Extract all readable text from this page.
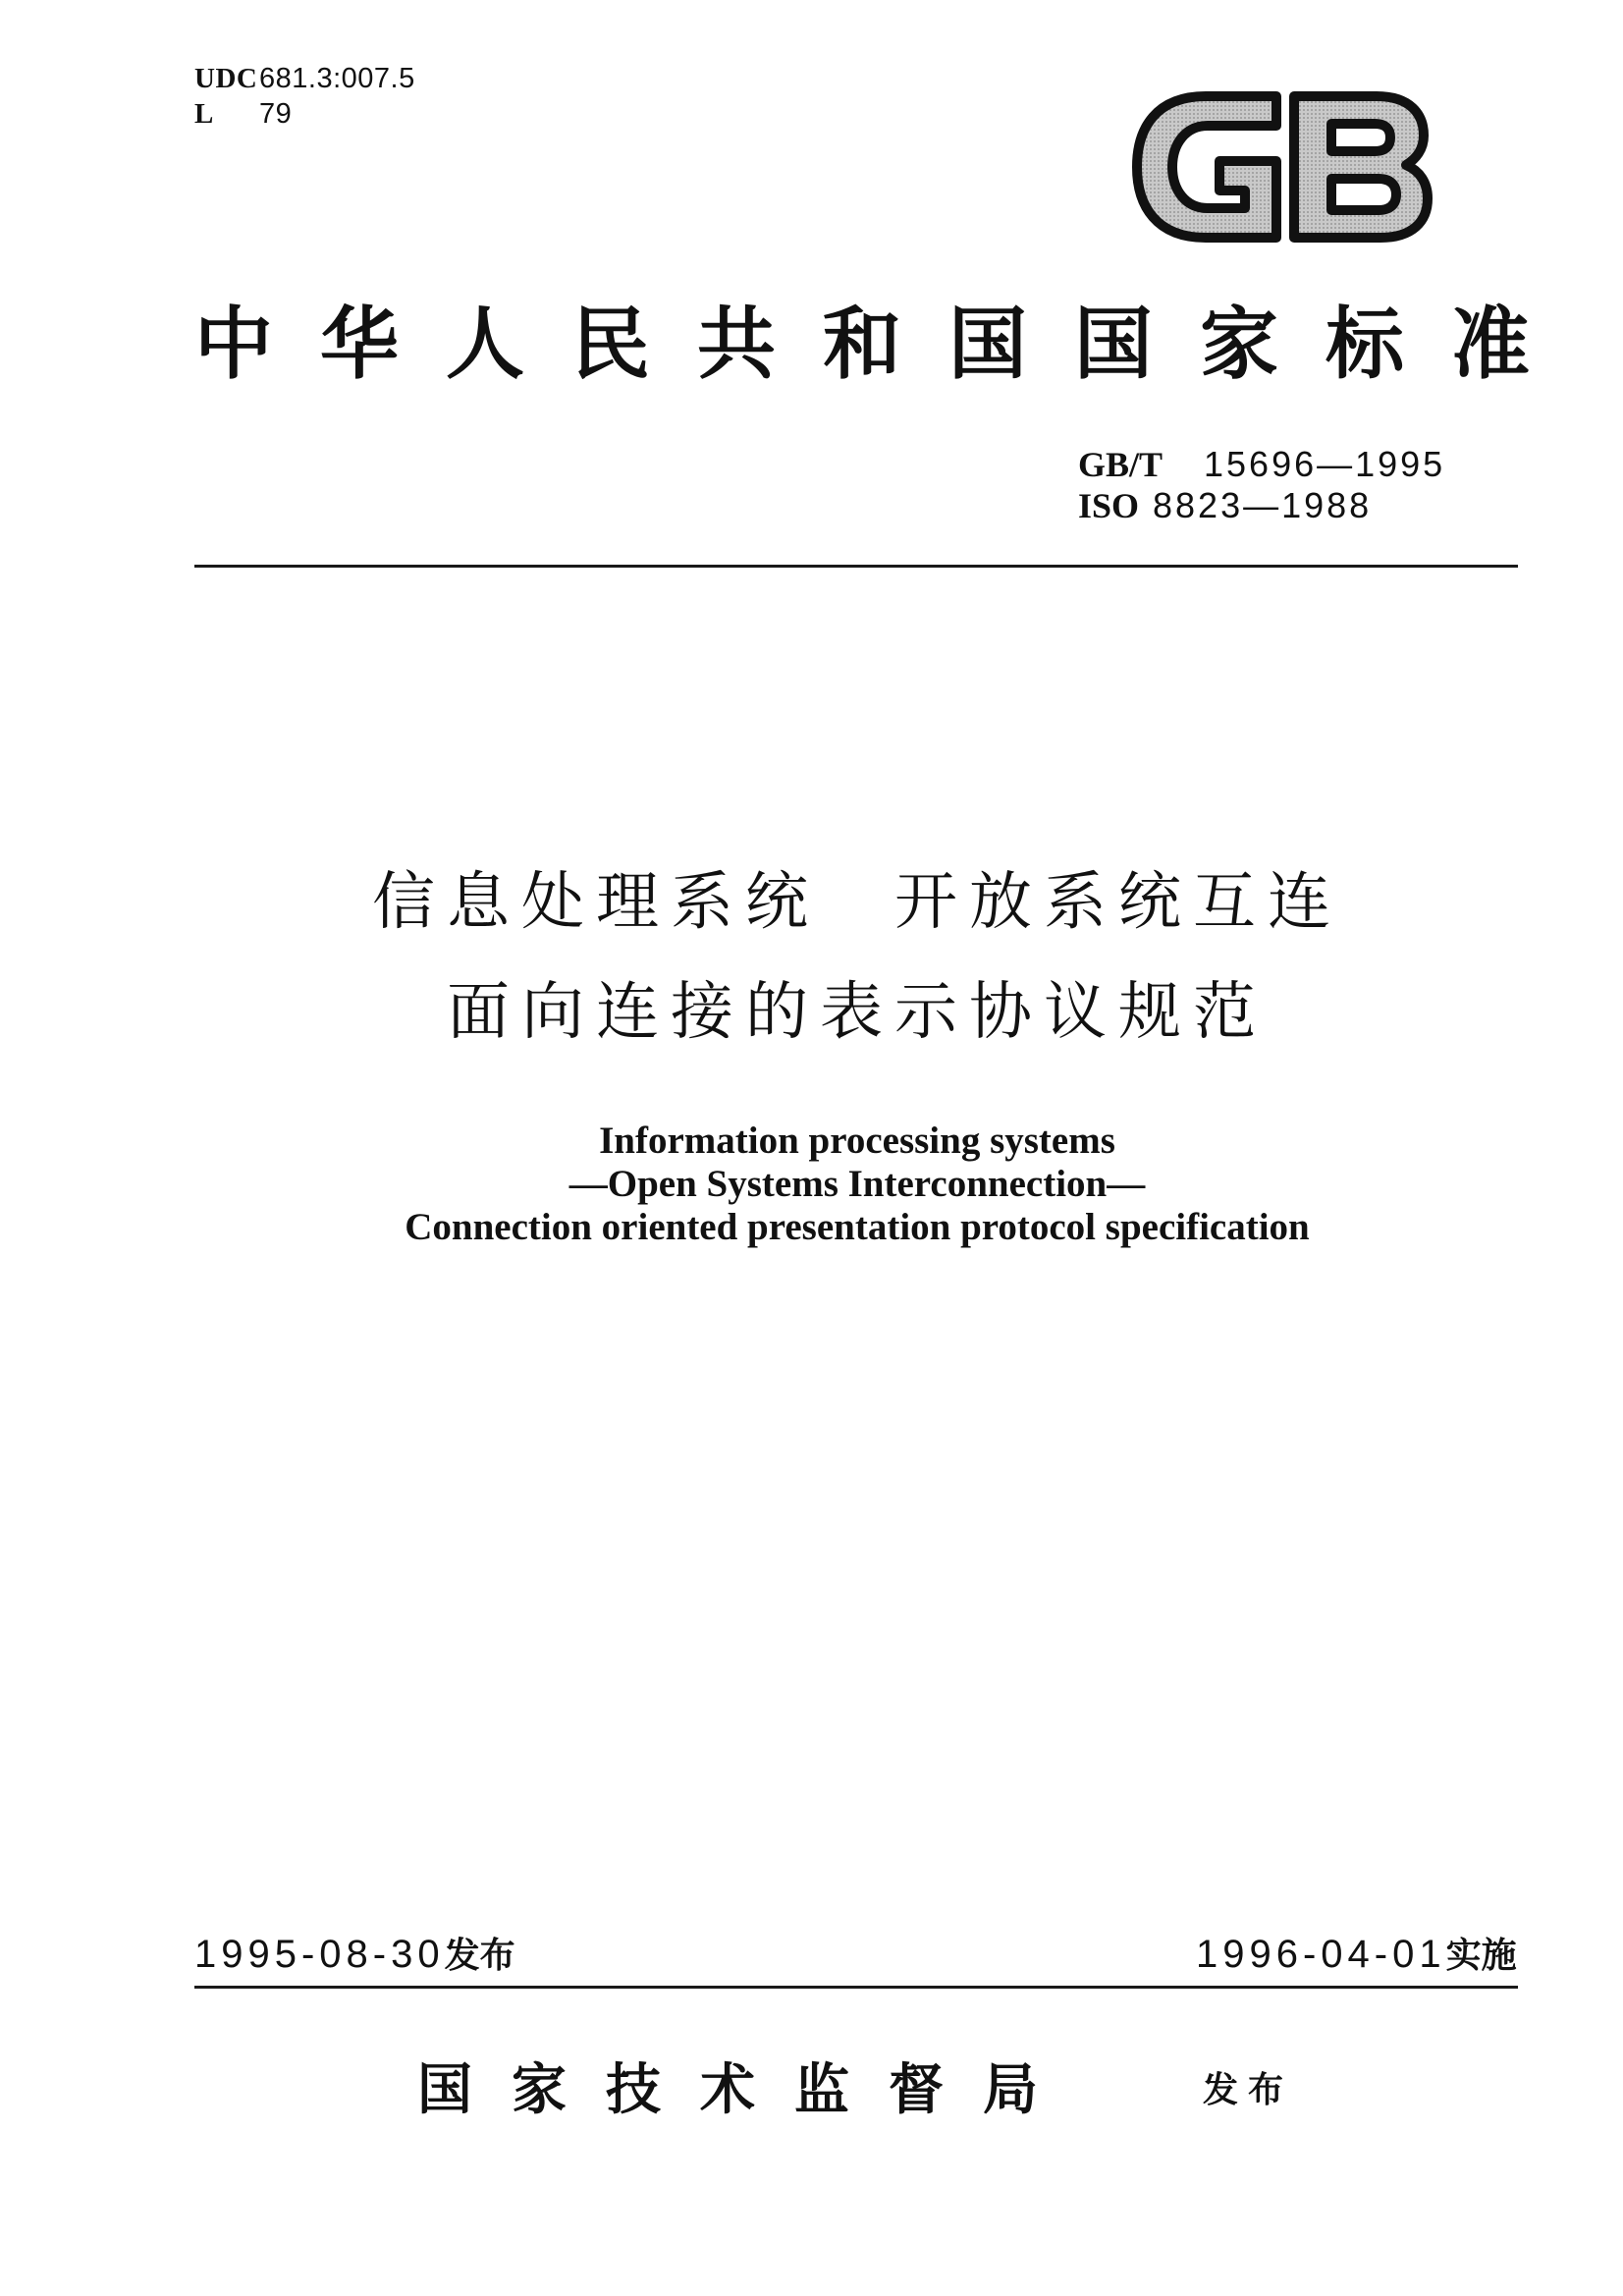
UDC681.3:007.5
L 79
中 华 人 民 共 和 国 国 家 标 准
GB/T 15696—1995
ISO 8823—1988
信息处理系统　开放系统互连
面向连接的表示协议规范
Information processing systems
—Open Systems Interconnection—
Connection oriented presentation protocol specification
1995-08-30发布	1996-04-01实施
国家技术监督局	发布
